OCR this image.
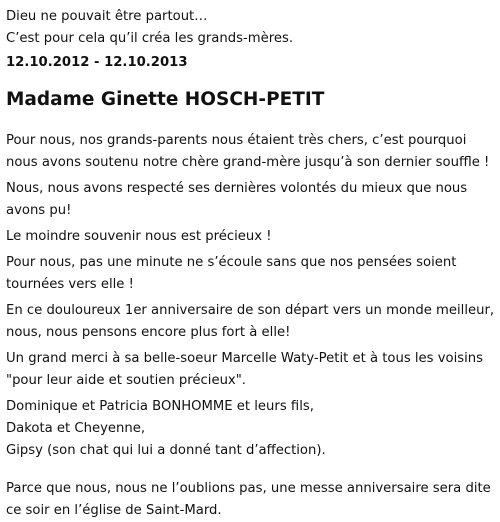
Dieu ne pouvait être partout…
C’est pour cela qu’il créa les grands-mères.
12.10.2012 - 12.10.2013
Madame Ginette HOSCH-PETIT
Pour nous, nos grands-parents nous étaient très chers, c’est pourquoi
nous avons soutenu notre chère grand-mère jusqu’à son dernier souffle !
Nous, nous avons respecté ses dernières volontés du mieux que nous
avons pu!
Le moindre souvenir nous est précieux !
Pour nous, pas une minute ne s’écoule sans que nos pensées soient
tournées vers elle !
En ce douloureux 1er anniversaire de son départ vers un monde meilleur,
nous, nous pensons encore plus fort à elle!
Un grand merci à sa belle-soeur Marcelle Waty-Petit et à tous les voisins
"pour leur aide et soutien précieux".
Dominique et Patricia BONHOMME et leurs fils,
Dakota et Cheyenne,
Gipsy (son chat qui lui a donné tant d’affection).
Parce que nous, nous ne l’oublions pas, une messe anniversaire sera dite
ce soir en l’église de Saint-Mard.
